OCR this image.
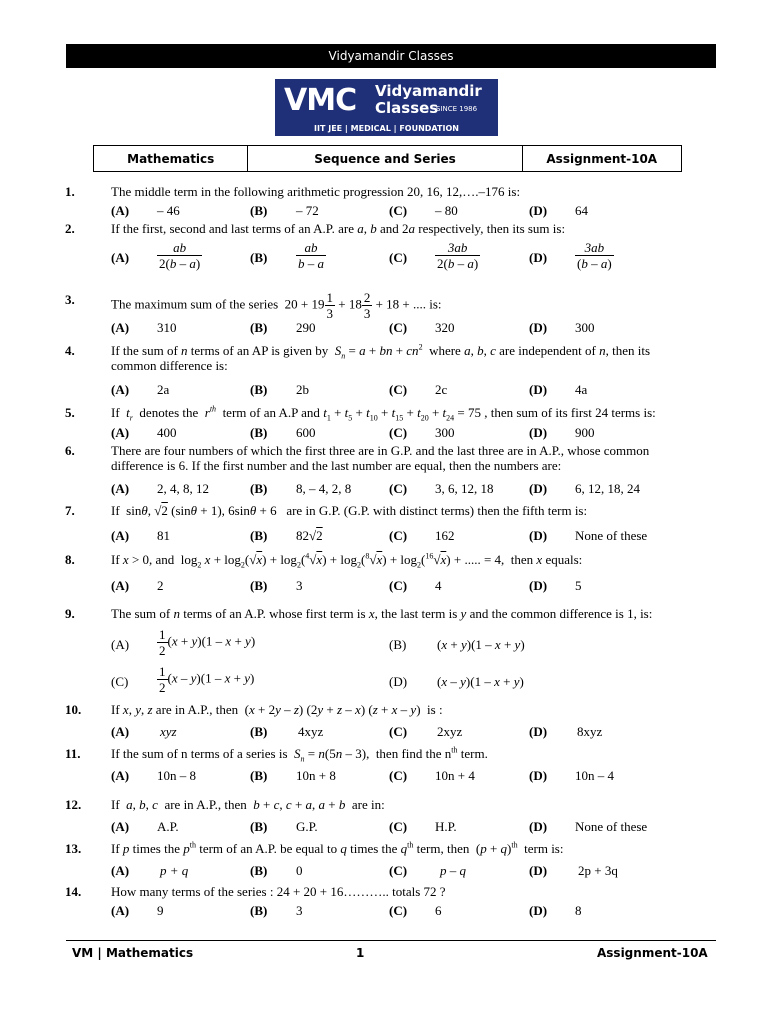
Vidyamandir Classes
VMC Vidyamandir
Classes
SINCE 1986
IIT JEE | MEDICAL | FOUNDATION
Mathematics	Sequence and Series	Assignment-10A
1.	The middle term in the following arithmetic progression 20, 16, 12,….–176 is:
(A) – 46	(B) – 72	(C) – 80	(D) 64
2.	If the first, second and last terms of an A.P. are a, b and 2a respectively, then its sum is:
$(A) \frac{ab}{2(b - a)}$	$(B) \frac{ab}{b - a}$	$(C) \frac{3ab}{2(b - a)}$	$(D) \frac{3ab}{(b - a)}$
3.	The maximum sum of the series  $20 + 19 \frac{1}{3} + 18 \frac{2}{3} + 18$ + .... is:
(A) 310	(B) 290	(C) 320	(D) 300
4.	If the sum of n terms of an AP is given by  $S_n = a$ + bn + $cn^2$  where a, b, c are independent of n, then its
common difference is:
(A) 2a	(B) 2b	(C) 2c	(D) 4a
5.	If  $t_r$  denotes the  $r^{th}$  term of an A.P and $t_1 + t_5 + t_{10} + t_{15} + t_{20} + t_{24} = 75$ , then sum of its first 24 terms is:
(A) 400	(B) 600	(C) 300	(D) 900
6.	There are four numbers of which the first three are in G.P. and the last three are in A.P., whose common
difference is 6. If the first number and the last number are equal, then the numbers are:
(A) 2, 4, 8, 12	(B) 8, – 4, 2, 8	(C) 3, 6, 12, 18	(D) 6, 12, 18, 24
7.	If  sinθ, √2 (sinθ + 1), 6sinθ + 6   are in G.P. (G.P. with distinct terms) then the fifth term is:
(A) 81	(B) 82√2	(C) 162	(D) None of these
8.	If x > 0, and  $\log_2 x + \log_2(√x) + \log_2(^4√x) + \log_2(^8√x) + \log_2(^{16}√x)$ + ..... = 4,  then x equals:
(A) 2	(B) 3	(C) 4	(D) 5
9.	The sum of n terms of an A.P. whose first term is x, the last term is y and the common difference is 1, is:
$(A) \frac{1}{2} (x + y)(1 - x + y)$	(B) (x + y)(1 – x + y)
$(C) \frac{1}{2} (x - y)(1 - x + y)$	(D) (x – y)(1 – x + y)
10. If x, y, z are in A.P., then  (x + 2y – z) (2y + z – x) (z + x – y)  is :
(A) xyz	(B) 4xyz	(C) 2xyz	(D) 8xyz
11. If the sum of n terms of a series is  $S_n = n(5n - 3)$,  then find the $n^{th}$ term.
(A) 10n – 8	(B) 10n + 8	(C) 10n + 4	(D) 10n – 4
12. If  a, b, c  are in A.P., then  b + c, c + a, a + b  are in:
(A) A.P.	(B) G.P.	(C) H.P.	(D) None of these
13. If p times the $p^{th}$ term of an A.P. be equal to q times the $q^{th}$ term, then  $(p + q)^{th}$  term is:
(A) p + q	(B) 0	(C)	p – q	(D) 2p + 3q
14. How many terms of the series : 24 + 20 + 16……….. totals 72 ?
(A) 9	(B) 3	(C) 6	(D) 8
VM | Mathematics	1	Assignment-10A
